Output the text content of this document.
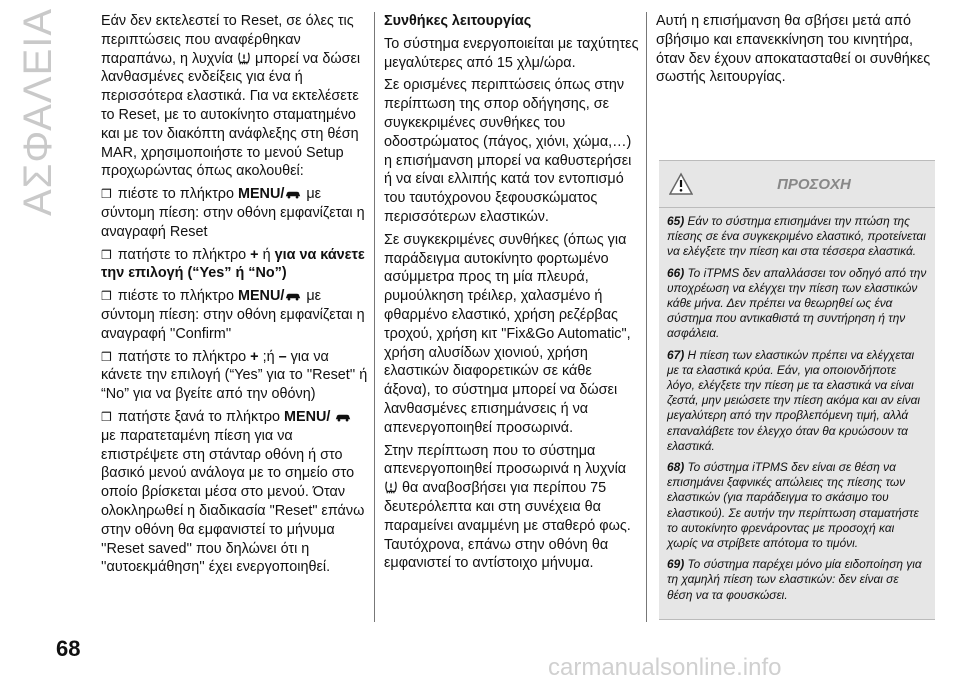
ΑΣΦΑΛΕΙΑ	Εάν δεν εκτελεστεί το Reset, σε όλες τις περιπτώσεις που αναφέρθηκαν παραπάνω, η λυχνία μπορεί να δώσει λανθασμένες ενδείξεις για ένα ή περισσότερα ελαστικά. Για να εκτελέσετε το Reset, με το αυτοκίνητο σταματημένο και με τον διακόπτη ανάφλεξης στη θέση MAR, χρησιμοποιήστε το μενού Setup προχωρώντας όπως ακολουθεί:

❒ πιέστε το πλήκτρο MENU/ με σύντομη πίεση: στην οθόνη εμφανίζεται η αναγραφή Reset

❒ πατήστε το πλήκτρο + ή για να κάνετε την επιλογή (“Yes” ή “No”)

❒ πιέστε το πλήκτρο MENU/ με σύντομη πίεση: στην οθόνη εμφανίζεται η αναγραφή ''Confirm''

❒ πατήστε το πλήκτρο + ;ή – για να κάνετε την επιλογή (“Yes” για το ''Reset'' ή “No” για να βγείτε από την οθόνη)

❒ πατήστε ξανά το πλήκτρο MENU/  με παρατεταμένη πίεση για να επιστρέψετε στη στάνταρ οθόνη ή στο βασικό μενού ανάλογα με το σημείο στο οποίο βρίσκεται μέσα στο μενού. Όταν ολοκληρωθεί η διαδικασία "Reset" επάνω στην οθόνη θα εμφανιστεί το μήνυμα ''Reset saved'' που δηλώνει ότι η ''αυτοεκμάθηση'' έχει ενεργοποιηθεί.

Συνθήκες λειτουργίας

Το σύστημα ενεργοποιείται με ταχύτητες μεγαλύτερες από 15 χλμ/ώρα.

Σε ορισμένες περιπτώσεις όπως στην περίπτωση της σπορ οδήγησης, σε συγκεκριμένες συνθήκες του οδοστρώματος (πάγος, χιόνι, χώμα,…) η επισήμανση μπορεί να καθυστερήσει ή να είναι ελλιπής κατά τον εντοπισμό του ταυτόχρονου ξεφουσκώματος περισσότερων ελαστικών.

Σε συγκεκριμένες συνθήκες (όπως για παράδειγμα αυτοκίνητο φορτωμένο ασύμμετρα προς τη μία πλευρά, ρυμούλκηση τρέιλερ, χαλασμένο ή φθαρμένο ελαστικό, χρήση ρεζέρβας τροχού, χρήση κιτ "Fix&Go Automatic", χρήση αλυσίδων χιονιού, χρήση ελαστικών διαφορετικών σε κάθε άξονα), το σύστημα μπορεί να δώσει λανθασμένες επισημάνσεις ή να απενεργοποιηθεί προσωρινά.

Στην περίπτωση που το σύστημα απενεργοποιηθεί προσωρινά η λυχνία  θα αναβοσβήσει για περίπου 75 δευτερόλεπτα και στη συνέχεια θα παραμείνει αναμμένη με σταθερό φως. Ταυτόχρονα, επάνω στην οθόνη θα εμφανιστεί το αντίστοιχο μήνυμα.

Αυτή η επισήμανση θα σβήσει μετά από σβήσιμο και επανεκκίνηση του κινητήρα, όταν δεν έχουν αποκατασταθεί οι συνθήκες σωστής λειτουργίας.

ΠΡΟΣΟΧΗ

65) Εάν το σύστημα επισημάνει την πτώση της πίεσης σε ένα συγκεκριμένο ελαστικό, προτείνεται να ελέγξετε την πίεση και στα τέσσερα ελαστικά.

66) Το iTPMS δεν απαλλάσσει τον οδηγό από την υποχρέωση να ελέγχει την πίεση των ελαστικών κάθε μήνα. Δεν πρέπει να θεωρηθεί ως ένα σύστημα που αντικαθιστά τη συντήρηση ή την ασφάλεια.

67) Η πίεση των ελαστικών πρέπει να ελέγχεται με τα ελαστικά κρύα. Εάν, για οποιονδήποτε λόγο, ελέγξετε την πίεση με τα ελαστικά να είναι ζεστά, μην μειώσετε την πίεση ακόμα και αν είναι μεγαλύτερη από την προβλεπόμενη τιμή, αλλά επαναλάβετε τον έλεγχο όταν θα κρυώσουν τα ελαστικά.

68) Το σύστημα iTPMS δεν είναι σε θέση να επισημάνει ξαφνικές απώλειες της πίεσης των ελαστικών (για παράδειγμα το σκάσιμο του ελαστικού). Σε αυτήν την περίπτωση σταματήστε το αυτοκίνητο φρενάροντας με προσοχή και χωρίς να στρίβετε απότομα το τιμόνι.

69) Το σύστημα παρέχει μόνο μία ειδοποίηση για τη χαμηλή πίεση των ελαστικών: δεν είναι σε θέση να τα φουσκώσει.

68
carmanualsonline.info
